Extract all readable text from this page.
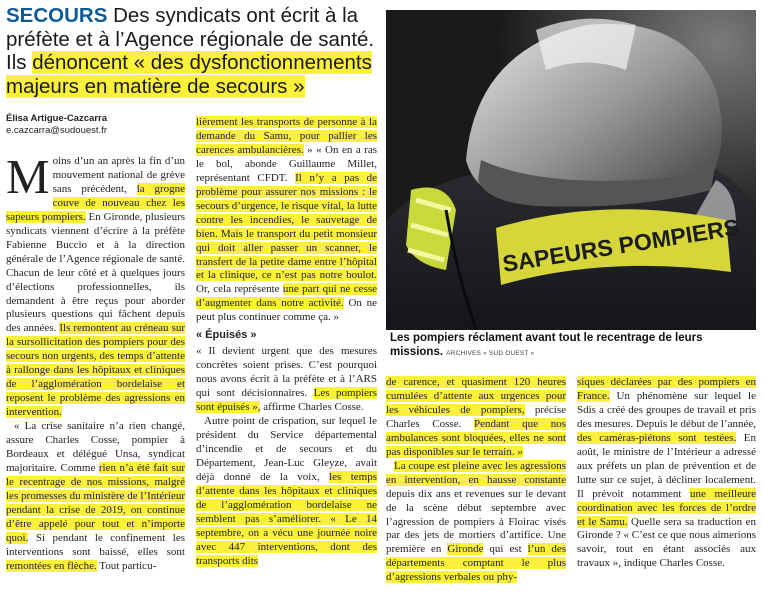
SECOURS Des syndicats ont écrit à la préfète et à l’Agence régionale de santé. Ils dénoncent « des dysfonctionnements majeurs en matière de secours »
Élisa Artigue-Cazcarra
e.cazcarra@sudouest.fr

M oins d’un an après la fin d’un mouvement national de grève sans précédent, la grogne couve de nouveau chez les sapeurs pompiers. En Gironde, plusieurs syndicats viennent d’écrire à la préfète Fabienne Buccio et à la direction générale de l’Agence régionale de santé. Chacun de leur côté et à quelques jours d’élections professionnelles, ils demandent à être reçus pour aborder plusieurs questions qui fâchent depuis des années. Ils remontent au créneau sur la sursollicitation des pompiers pour des secours non urgents, des temps d’attente à rallonge dans les hôpitaux et cliniques de l’agglomération bordelaise et reposent le problème des agressions en intervention.

« La crise sanitaire n’a rien changé, assure Charles Cosse, pompier à Bordeaux et délégué Unsa, syndicat majoritaire. Comme rien n’a été fait sur le recentrage de nos missions, malgré les promesses du ministère de l’Intérieur pendant la crise de 2019, on continue d’être appelé pour tout et n’importe quoi. Si pendant le confinement les interventions sont baissé, elles sont remontées en flèche. Tout particu-

lièrement les transports de personne à la demande du Samu, pour pallier les carences ambulancières. » « On en a ras le bol, abonde Guillaume Millet, représentant CFDT. Il n’y a pas de problème pour assurer nos missions : le secours d’urgence, le risque vital, la lutte contre les incendies, le sauvetage de bien. Mais le transport du petit monsieur qui doit aller passer un scanner, le transfert de la petite dame entre l’hôpital et la clinique, ce n’est pas notre boulot. Or, cela représente une part qui ne cesse d’augmenter dans notre activité. On ne peut plus continuer comme ça. »

« Épuisés »

« Il devient urgent que des mesures concrètes soient prises. C’est pourquoi nous avons écrit à la préfète et à l’ARS qui sont décisionnaires. Les pompiers sont épuisés », affirme Charles Cosse.

Autre point de crispation, sur lequel le président du Service départemental d’incendie et de secours et du Département, Jean-Luc Gleyze, avait déjà donné de la voix, les temps d’attente dans les hôpitaux et cliniques de l’agglomération bordelaise ne semblent pas s’améliorer. « Le 14 septembre, on a vécu une journée noire avec 447 interventions, dont des transports dits

SAPEURS POMPIERS
Les pompiers réclament avant tout le recentrage de leurs missions. ARCHIVES « SUD OUEST »

de carence, et quasiment 120 heures cumulées d’attente aux urgences pour les véhicules de pompiers, précise Charles Cosse. Pendant que nos ambulances sont bloquées, elles ne sont pas disponibles sur le terrain. »

La coupe est pleine avec les agressions en intervention, en hausse constante depuis dix ans et revenues sur le devant de la scène début septembre avec l’agression de pompiers à Floirac visés par des jets de mortiers d’artifice. Une première en Gironde qui est l’un des départements comptant le plus d’agressions verbales ou phy-

siques déclarées par des pompiers en France. Un phénomène sur lequel le Sdis a créé des groupes de travail et pris des mesures. Depuis le début de l’année, des caméras-piétons sont testées. En août, le ministre de l’Intérieur a adressé aux préfets un plan de prévention et de lutte sur ce sujet, à décliner localement. Il prévoit notamment une meilleure coordination avec les forces de l’ordre et le Samu. Quelle sera sa traduction en Gironde ? « C’est ce que nous aimerions savoir, tout en étant associés aux travaux », indique Charles Cosse.
